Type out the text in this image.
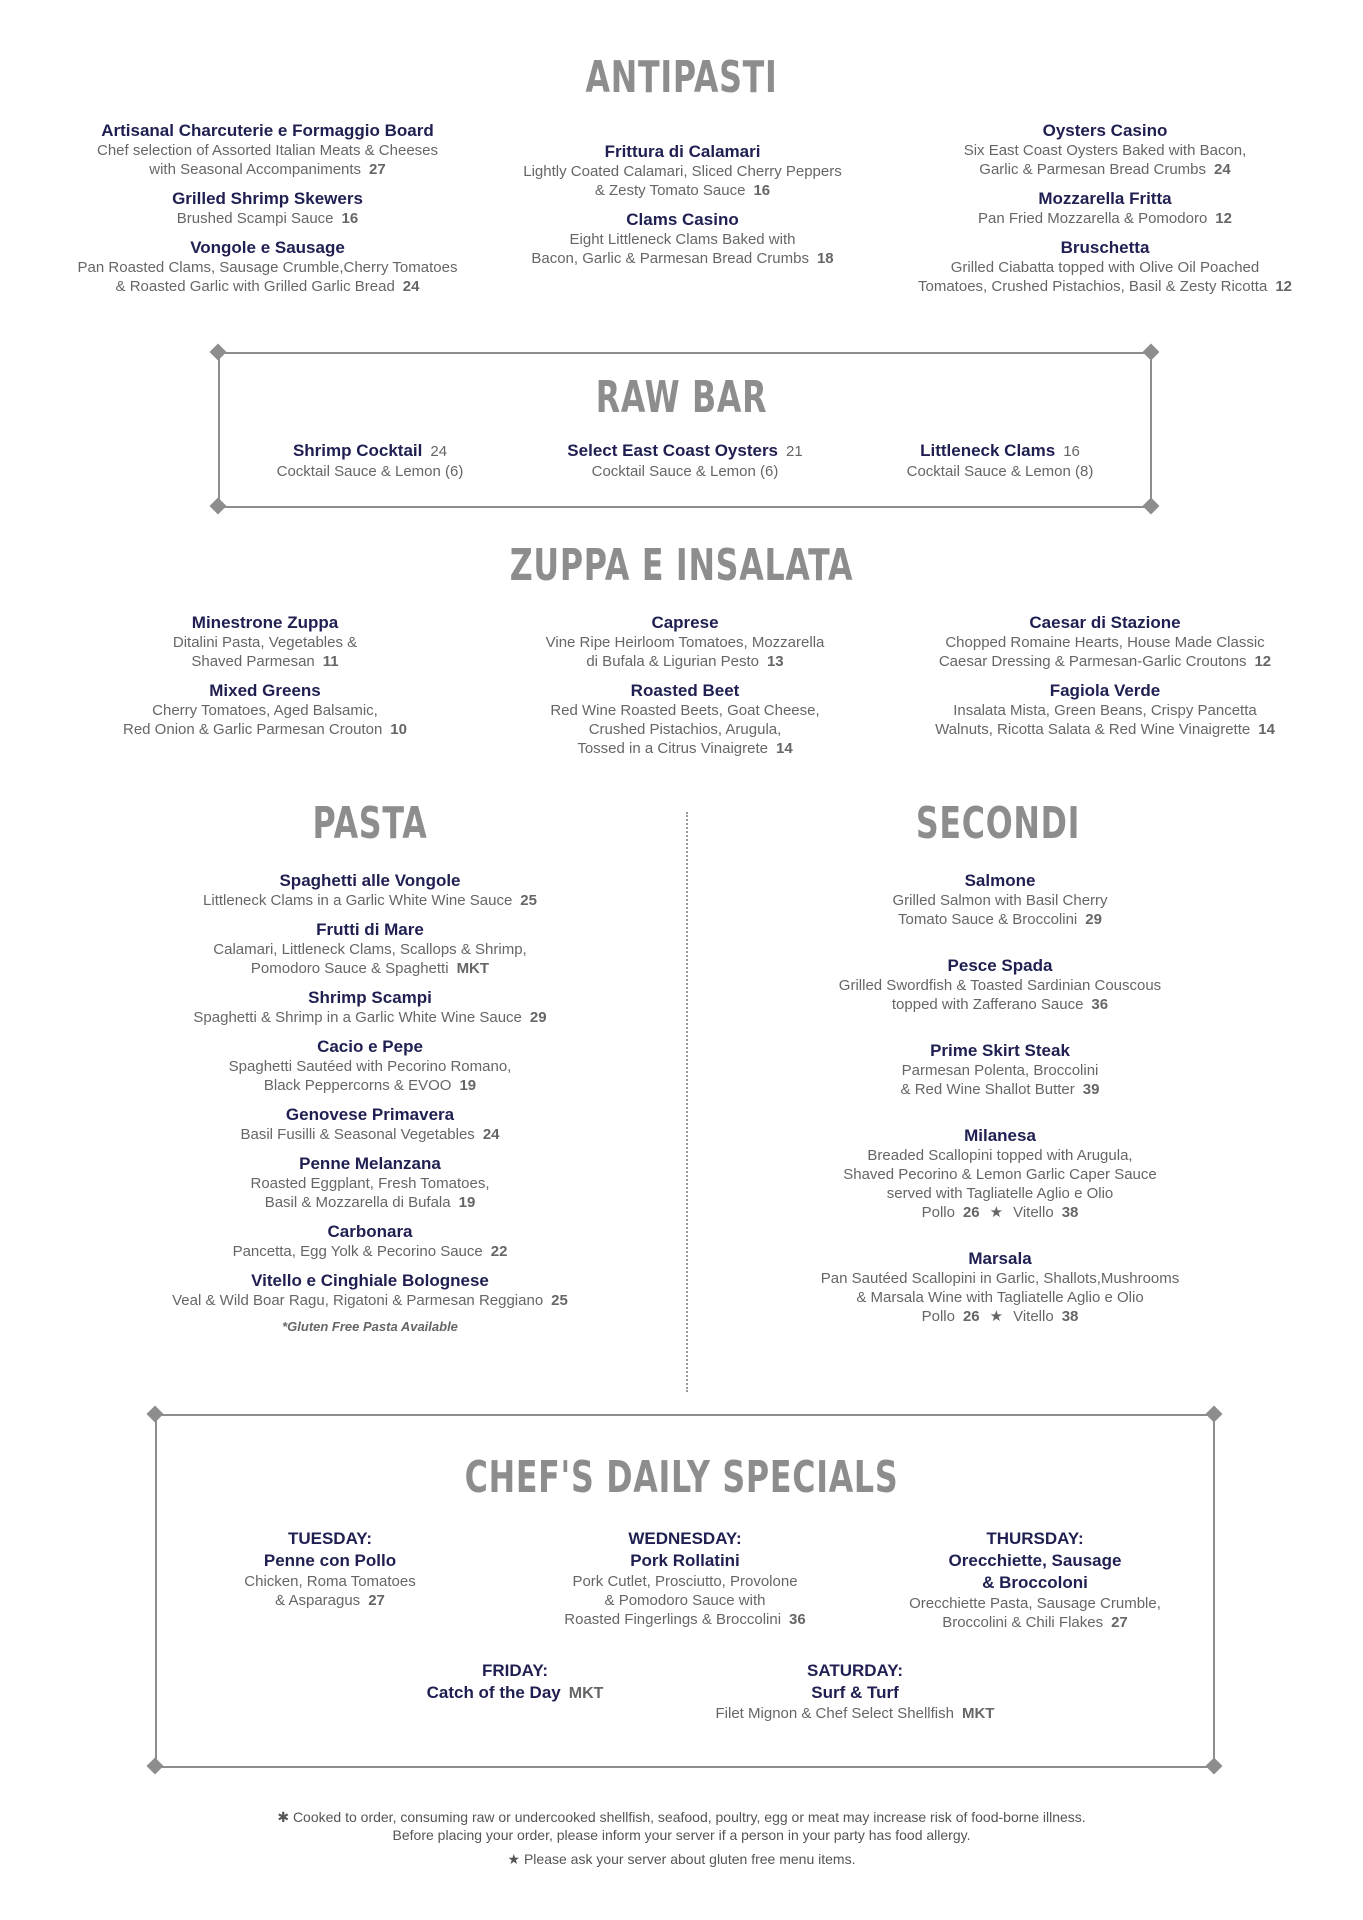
ANTIPASTI
Artisanal Charcuterie e Formaggio Board
Chef selection of Assorted Italian Meats & Cheeses
with Seasonal Accompaniments 27
Grilled Shrimp Skewers
Brushed Scampi Sauce 16
Vongole e Sausage
Pan Roasted Clams, Sausage Crumble,Cherry Tomatoes
& Roasted Garlic with Grilled Garlic Bread 24
Frittura di Calamari
Lightly Coated Calamari, Sliced Cherry Peppers
& Zesty Tomato Sauce 16
Clams Casino
Eight Littleneck Clams Baked with
Bacon, Garlic & Parmesan Bread Crumbs 18
Oysters Casino
Six East Coast Oysters Baked with Bacon,
Garlic & Parmesan Bread Crumbs 24
Mozzarella Fritta
Pan Fried Mozzarella & Pomodoro 12
Bruschetta
Grilled Ciabatta topped with Olive Oil Poached
Tomatoes, Crushed Pistachios, Basil & Zesty Ricotta 12
RAW BAR
Shrimp Cocktail 24
Cocktail Sauce & Lemon (6)
Select East Coast Oysters 21
Cocktail Sauce & Lemon (6)
Littleneck Clams 16
Cocktail Sauce & Lemon (8)
ZUPPA E INSALATA
Minestrone Zuppa
Ditalini Pasta, Vegetables &
Shaved Parmesan 11
Mixed Greens
Cherry Tomatoes, Aged Balsamic,
Red Onion & Garlic Parmesan Crouton 10
Caprese
Vine Ripe Heirloom Tomatoes, Mozzarella
di Bufala & Ligurian Pesto 13
Roasted Beet
Red Wine Roasted Beets, Goat Cheese,
Crushed Pistachios, Arugula,
Tossed in a Citrus Vinaigrete 14
Caesar di Stazione
Chopped Romaine Hearts, House Made Classic
Caesar Dressing & Parmesan-Garlic Croutons 12
Fagiola Verde
Insalata Mista, Green Beans, Crispy Pancetta
Walnuts, Ricotta Salata & Red Wine Vinaigrette 14
PASTA	SECONDI
Spaghetti alle Vongole
Littleneck Clams in a Garlic White Wine Sauce 25
Frutti di Mare
Calamari, Littleneck Clams, Scallops & Shrimp,
Pomodoro Sauce & Spaghetti MKT
Shrimp Scampi
Spaghetti & Shrimp in a Garlic White Wine Sauce 29
Cacio e Pepe
Spaghetti Sautéed with Pecorino Romano,
Black Peppercorns & EVOO 19
Genovese Primavera
Basil Fusilli & Seasonal Vegetables 24
Penne Melanzana
Roasted Eggplant, Fresh Tomatoes,
Basil & Mozzarella di Bufala 19
Carbonara
Pancetta, Egg Yolk & Pecorino Sauce 22
Vitello e Cinghiale Bolognese
Veal & Wild Boar Ragu, Rigatoni & Parmesan Reggiano 25
*Gluten Free Pasta Available
Salmone
Grilled Salmon with Basil Cherry
Tomato Sauce & Broccolini 29
Pesce Spada
Grilled Swordfish & Toasted Sardinian Couscous
topped with Zafferano Sauce 36
Prime Skirt Steak
Parmesan Polenta, Broccolini
& Red Wine Shallot Butter 39
Milanesa
Breaded Scallopini topped with Arugula,
Shaved Pecorino & Lemon Garlic Caper Sauce
served with Tagliatelle Aglio e Olio
Pollo 26 ★ Vitello 38
Marsala
Pan Sautéed Scallopini in Garlic, Shallots,Mushrooms
& Marsala Wine with Tagliatelle Aglio e Olio
Pollo 26 ★ Vitello 38
CHEF'S DAILY SPECIALS
TUESDAY:
Penne con Pollo
Chicken, Roma Tomatoes
& Asparagus 27
WEDNESDAY:
Pork Rollatini
Pork Cutlet, Prosciutto, Provolone
& Pomodoro Sauce with
Roasted Fingerlings & Broccolini 36
THURSDAY:
Orecchiette, Sausage
& Broccoloni
Orecchiette Pasta, Sausage Crumble,
Broccolini & Chili Flakes 27
FRIDAY:
Catch of the Day MKT
SATURDAY:
Surf & Turf
Filet Mignon & Chef Select Shellfish MKT
✱ Cooked to order, consuming raw or undercooked shellfish, seafood, poultry, egg or meat may increase risk of food-borne illness.
Before placing your order, please inform your server if a person in your party has food allergy.
★ Please ask your server about gluten free menu items.
